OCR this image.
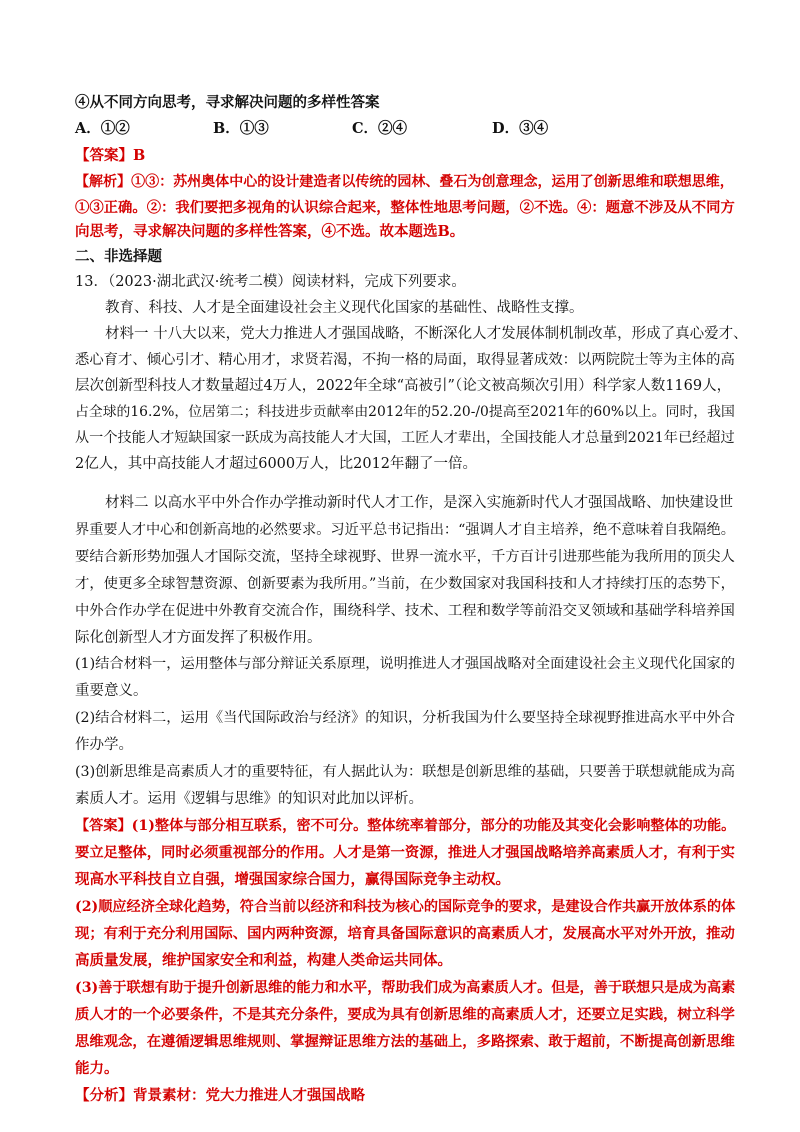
④从不同方向思考，寻求解决问题的多样性答案
A．①②	B．①③	C．②④	D．③④
【答案】B
【解析】①③：苏州奥体中心的设计建造者以传统的园林、叠石为创意理念，运用了创新思维和联想思维，
①③正确。②：我们要把多视角的认识综合起来，整体性地思考问题，②不选。④：题意不涉及从不同方
向思考，寻求解决问题的多样性答案，④不选。故本题选B。
二、非选择题
13．（2023·湖北武汉·统考二模）阅读材料，完成下列要求。
教育、科技、人才是全面建设社会主义现代化国家的基础性、战略性支撑。
材料一 十八大以来，党大力推进人才强国战略，不断深化人才发展体制机制改革，形成了真心爱才、
悉心育才、倾心引才、精心用才，求贤若渴，不拘一格的局面，取得显著成效：以两院院士等为主体的高
层次创新型科技人才数量超过4万人，2022年全球“高被引”（论文被高频次引用）科学家人数1169人，
占全球的16.2%，位居第二；科技进步贡献率由2012年的52.20-/0提高至2021年的60%以上。同时，我国
从一个技能人才短缺国家一跃成为高技能人才大国，工匠人才辈出，全国技能人才总量到2021年已经超过
2亿人，其中高技能人才超过6000万人，比2012年翻了一倍。
材料二 以高水平中外合作办学推动新时代人才工作，是深入实施新时代人才强国战略、加快建设世
界重要人才中心和创新高地的必然要求。习近平总书记指出：“强调人才自主培养，绝不意味着自我隔绝。
要结合新形势加强人才国际交流，坚持全球视野、世界一流水平，千方百计引进那些能为我所用的顶尖人
才，使更多全球智慧资源、创新要素为我所用。”当前，在少数国家对我国科技和人才持续打压的态势下，
中外合作办学在促进中外教育交流合作，围绕科学、技术、工程和数学等前沿交叉领域和基础学科培养国
际化创新型人才方面发挥了积极作用。
(1)结合材料一，运用整体与部分辩证关系原理，说明推进人才强国战略对全面建设社会主义现代化国家的
重要意义。
(2)结合材料二，运用《当代国际政治与经济》的知识，分析我国为什么要坚持全球视野推进高水平中外合
作办学。
(3)创新思维是高素质人才的重要特征，有人据此认为：联想是创新思维的基础，只要善于联想就能成为高
素质人才。运用《逻辑与思维》的知识对此加以评析。
【答案】(1)整体与部分相互联系，密不可分。整体统率着部分，部分的功能及其变化会影响整体的功能。
要立足整体，同时必须重视部分的作用。人才是第一资源，推进人才强国战略培养高素质人才，有利于实
现高水平科技自立自强，增强国家综合国力，赢得国际竞争主动权。
(2)顺应经济全球化趋势，符合当前以经济和科技为核心的国际竞争的要求，是建设合作共赢开放体系的体
现；有利于充分利用国际、国内两种资源，培育具备国际意识的高素质人才，发展高水平对外开放，推动
高质量发展，维护国家安全和利益，构建人类命运共同体。
(3)善于联想有助于提升创新思维的能力和水平，帮助我们成为高素质人才。但是，善于联想只是成为高素
质人才的一个必要条件，不是其充分条件，要成为具有创新思维的高素质人才，还要立足实践，树立科学
思维观念，在遵循逻辑思维规则、掌握辩证思维方法的基础上，多路探索、敢于超前，不断提高创新思维
能力。
【分析】背景素材：党大力推进人才强国战略
